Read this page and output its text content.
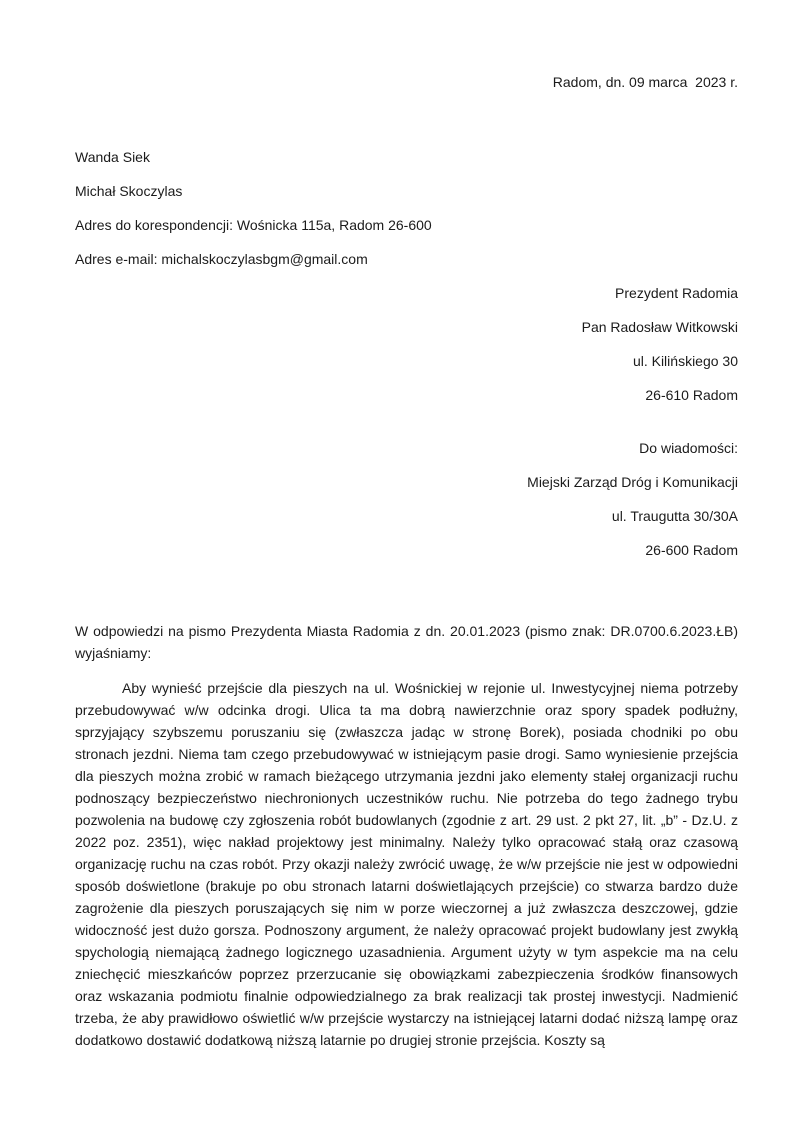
Radom, dn. 09 marca  2023 r.

Wanda Siek

Michał Skoczylas

Adres do korespondencji: Wośnicka 115a, Radom 26-600

Adres e-mail: michalskoczylasbgm@gmail.com

Prezydent Radomia

Pan Radosław Witkowski

ul. Kilińskiego 30

26-610 Radom

Do wiadomości:

Miejski Zarząd Dróg i Komunikacji

ul. Traugutta 30/30A

26-600 Radom

W odpowiedzi na pismo Prezydenta Miasta Radomia z dn. 20.01.2023 (pismo znak: DR.0700.6.2023.ŁB) wyjaśniamy:

Aby wynieść przejście dla pieszych na ul. Wośnickiej w rejonie ul. Inwestycyjnej niema potrzeby przebudowywać w/w odcinka drogi. Ulica ta ma dobrą nawierzchnie oraz spory spadek podłużny, sprzyjający szybszemu poruszaniu się (zwłaszcza jadąc w stronę Borek), posiada chodniki po obu stronach jezdni. Niema tam czego przebudowywać w istniejącym pasie drogi. Samo wyniesienie przejścia dla pieszych można zrobić w ramach bieżącego utrzymania jezdni jako elementy stałej organizacji ruchu podnoszący bezpieczeństwo niechronionych uczestników ruchu. Nie potrzeba do tego żadnego trybu pozwolenia na budowę czy zgłoszenia robót budowlanych (zgodnie z art. 29 ust. 2 pkt 27, lit. „b” - Dz.U. z 2022 poz. 2351), więc nakład projektowy jest minimalny. Należy tylko opracować stałą oraz czasową organizację ruchu na czas robót. Przy okazji należy zwrócić uwagę, że w/w przejście nie jest w odpowiedni sposób doświetlone (brakuje po obu stronach latarni doświetlających przejście) co stwarza bardzo duże zagrożenie dla pieszych poruszających się nim w porze wieczornej a już zwłaszcza deszczowej, gdzie widoczność jest dużo gorsza. Podnoszony argument, że należy opracować projekt budowlany jest zwykłą spychologią niemającą żadnego logicznego uzasadnienia. Argument użyty w tym aspekcie ma na celu zniechęcić mieszkańców poprzez przerzucanie się obowiązkami zabezpieczenia środków finansowych oraz wskazania podmiotu finalnie odpowiedzialnego za brak realizacji tak prostej inwestycji. Nadmienić trzeba, że aby prawidłowo oświetlić w/w przejście wystarczy na istniejącej latarni dodać niższą lampę oraz dodatkowo dostawić dodatkową niższą latarnie po drugiej stronie przejścia. Koszty są
